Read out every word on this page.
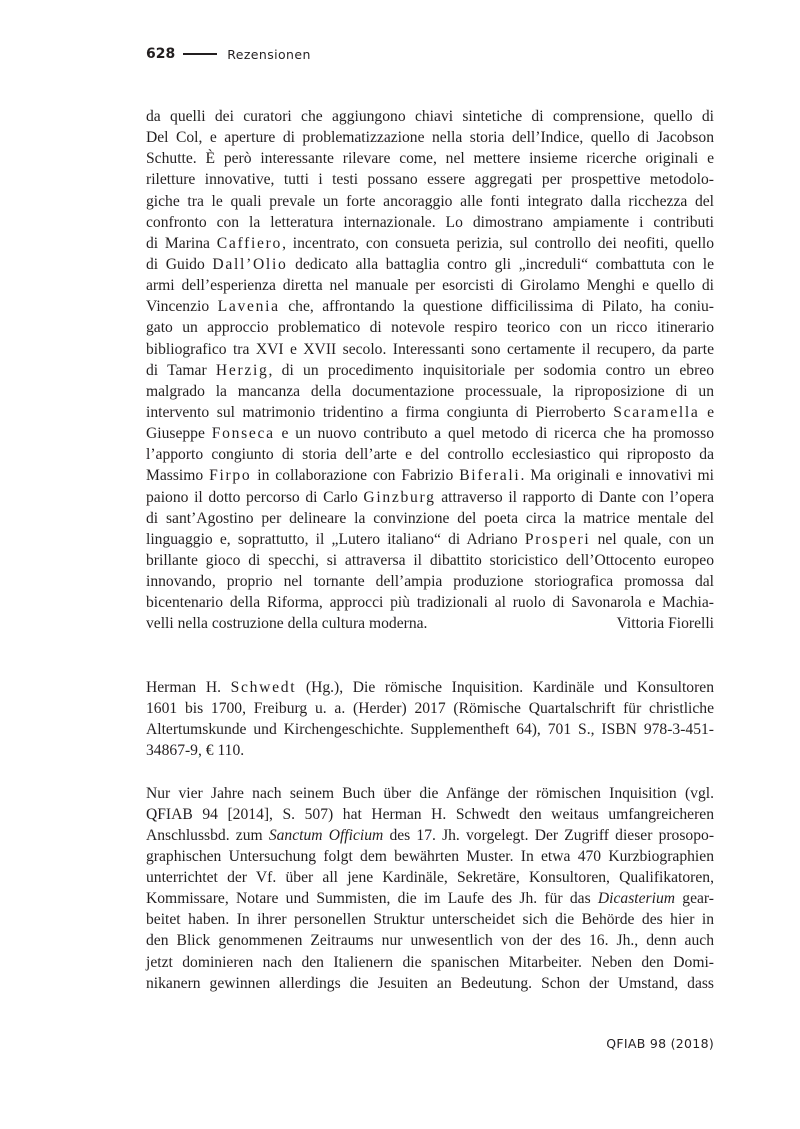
628	Rezensionen
da quelli dei curatori che aggiungono chiavi sintetiche di comprensione, quello di
Del Col, e aperture di problematizzazione nella storia dell’Indice, quello di Jacobson
Schutte. È però interessante rilevare come, nel mettere insieme ricerche originali e
riletture innovative, tutti i testi possano essere aggregati per prospettive metodolo-
giche tra le quali prevale un forte ancoraggio alle fonti integrato dalla ricchezza del
confronto con la letteratura internazionale. Lo dimostrano ampiamente i contributi
di Marina Caffiero, incentrato, con consueta perizia, sul controllo dei neofiti, quello
di Guido Dall’Olio dedicato alla battaglia contro gli „increduli“ combattuta con le
armi dell’esperienza diretta nel manuale per esorcisti di Girolamo Menghi e quello di
Vincenzio Lavenia che, affrontando la questione difficilissima di Pilato, ha coniu-
gato un approccio problematico di notevole respiro teorico con un ricco itinerario
bibliografico tra XVI e XVII secolo. Interessanti sono certamente il recupero, da parte
di Tamar Herzig, di un procedimento inquisitoriale per sodomia contro un ebreo
malgrado la mancanza della documentazione processuale, la riproposizione di un
intervento sul matrimonio tridentino a firma congiunta di Pierroberto Scaramella e
Giuseppe Fonseca e un nuovo contributo a quel metodo di ricerca che ha promosso
l’apporto congiunto di storia dell’arte e del controllo ecclesiastico qui riproposto da
Massimo Firpo in collaborazione con Fabrizio Biferali. Ma originali e innovativi mi
paiono il dotto percorso di Carlo Ginzburg attraverso il rapporto di Dante con l’opera
di sant’Agostino per delineare la convinzione del poeta circa la matrice mentale del
linguaggio e, soprattutto, il „Lutero italiano“ di Adriano Prosperi nel quale, con un
brillante gioco di specchi, si attraversa il dibattito storicistico dell’Ottocento europeo
innovando, proprio nel tornante dell’ampia produzione storiografica promossa dal
bicentenario della Riforma, approcci più tradizionali al ruolo di Savonarola e Machia-
velli nella costruzione della cultura moderna.	Vittoria Fiorelli
Herman H. Schwedt (Hg.), Die römische Inquisition. Kardinäle und Konsultoren
1601 bis 1700, Freiburg u. a. (Herder) 2017 (Römische Quartalschrift für christliche
Altertumskunde und Kirchengeschichte. Supplementheft 64), 701 S., ISBN 978-3-451-
34867-9, € 110.
Nur vier Jahre nach seinem Buch über die Anfänge der römischen Inquisition (vgl.
QFIAB 94 [2014], S. 507) hat Herman H. Schwedt den weitaus umfangreicheren
Anschlussbd. zum Sanctum Officium des 17. Jh. vorgelegt. Der Zugriff dieser prosopo-
graphischen Untersuchung folgt dem bewährten Muster. In etwa 470 Kurzbiographien
unterrichtet der Vf. über all jene Kardinäle, Sekretäre, Konsultoren, Qualifikatoren,
Kommissare, Notare und Summisten, die im Laufe des Jh. für das Dicasterium gear-
beitet haben. In ihrer personellen Struktur unterscheidet sich die Behörde des hier in
den Blick genommenen Zeitraums nur unwesentlich von der des 16. Jh., denn auch
jetzt dominieren nach den Italienern die spanischen Mitarbeiter. Neben den Domi-
nikanern gewinnen allerdings die Jesuiten an Bedeutung. Schon der Umstand, dass
QFIAB 98 (2018)
